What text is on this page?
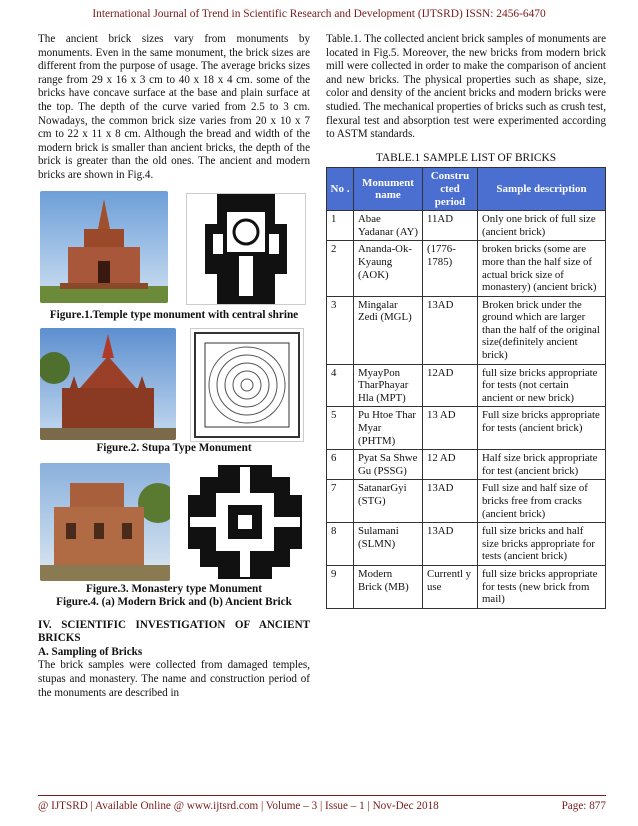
International Journal of Trend in Scientific Research and Development (IJTSRD) ISSN: 2456-6470

The ancient brick sizes vary from monuments by monuments. Even in the same monument, the brick sizes are different from the purpose of usage. The average bricks sizes range from 29 x 16 x 3 cm to 40 x 18 x 4 cm. some of the bricks have concave surface at the base and plain surface at the top. The depth of the curve varied from 2.5 to 3 cm. Nowadays, the common brick size varies from 20 x 10 x 7 cm to 22 x 11 x 8 cm. Although the bread and width of the modern brick is smaller than ancient bricks, the depth of the brick is greater than the old ones. The ancient and modern bricks are shown in Fig.4.

Figure.1.Temple type monument with central shrine
Figure.2. Stupa Type Monument
Figure.3. Monastery type Monument
Figure.4. (a) Modern Brick and (b) Ancient Brick
IV. SCIENTIFIC INVESTIGATION OF ANCIENT BRICKS
A. Sampling of Bricks

The brick samples were collected from damaged temples, stupas and monastery. The name and construction period of the monuments are described in

Table.1. The collected ancient brick samples of monuments are located in Fig.5. Moreover, the new bricks from modern brick mill were collected in order to make the comparison of ancient and new bricks. The physical properties such as shape, size, color and density of the ancient bricks and modern bricks were studied. The mechanical properties of bricks such as crush test, flexural test and absorption test were experimented according to ASTM standards.

TABLE.1 SAMPLE LIST OF BRICKS
No .	Monument name	Constru cted period	Sample description
1	Abae Yadanar (AY)	11AD	Only one brick of full size (ancient brick)
2	Ananda-Ok-Kyaung (AOK)	(1776-1785)	broken bricks (some are more than the half size of actual brick size of monastery) (ancient brick)
3	Mingalar Zedi (MGL)	13AD	Broken brick under the ground which are larger than the half of the original size(definitely ancient brick)
4	MyayPon TharPhayar Hla (MPT)	12AD	full size bricks appropriate for tests (not certain ancient or new brick)
5	Pu Htoe Thar Myar (PHTM)	13 AD	Full size bricks appropriate for tests (ancient brick)
6	Pyat Sa Shwe Gu (PSSG)	12 AD	Half size brick appropriate for test (ancient brick)
7	SatanarGyi (STG)	13AD	Full size and half size of bricks free from cracks (ancient brick)
8	Sulamani (SLMN)	13AD	full size bricks and half size bricks appropriate for tests (ancient brick)
9	Modern Brick (MB)	Currentl y use	full size bricks appropriate for tests (new brick from mail)
@ IJTSRD | Available Online @ www.ijtsrd.com | Volume – 3 | Issue – 1 | Nov-Dec 2018	Page: 877
